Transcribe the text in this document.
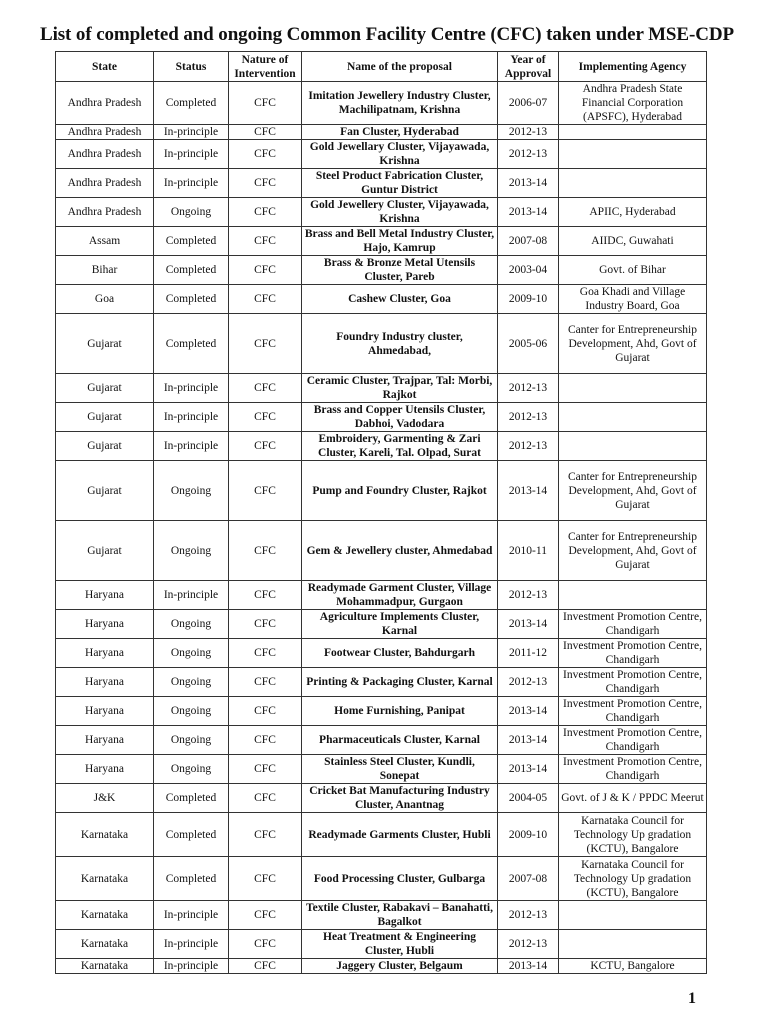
List of completed and ongoing Common Facility Centre (CFC) taken under MSE-CDP
State	Status	Nature of Intervention	Name of the proposal	Year of Approval	Implementing Agency
Andhra Pradesh	Completed	CFC	Imitation Jewellery Industry Cluster, Machilipatnam, Krishna	2006-07	Andhra Pradesh State Financial Corporation (APSFC), Hyderabad
Andhra Pradesh	In-principle	CFC	Fan Cluster, Hyderabad	2012-13	
Andhra Pradesh	In-principle	CFC	Gold Jewellary Cluster, Vijayawada, Krishna	2012-13	
Andhra Pradesh	In-principle	CFC	Steel Product Fabrication Cluster, Guntur District	2013-14	
Andhra Pradesh	Ongoing	CFC	Gold Jewellery Cluster, Vijayawada, Krishna	2013-14	APIIC, Hyderabad
Assam	Completed	CFC	Brass and Bell Metal Industry Cluster, Hajo, Kamrup	2007-08	AIIDC, Guwahati
Bihar	Completed	CFC	Brass & Bronze Metal Utensils Cluster, Pareb	2003-04	Govt. of Bihar
Goa	Completed	CFC	Cashew Cluster, Goa	2009-10	Goa Khadi and Village Industry Board, Goa
Gujarat	Completed	CFC	Foundry Industry cluster, Ahmedabad,	2005-06	Canter for Entrepreneurship Development, Ahd, Govt of Gujarat
Gujarat	In-principle	CFC	Ceramic Cluster, Trajpar, Tal: Morbi, Rajkot	2012-13	
Gujarat	In-principle	CFC	Brass and Copper Utensils Cluster, Dabhoi, Vadodara	2012-13	
Gujarat	In-principle	CFC	Embroidery, Garmenting & Zari Cluster, Kareli, Tal. Olpad, Surat	2012-13	
Gujarat	Ongoing	CFC	Pump and Foundry Cluster, Rajkot	2013-14	Canter for Entrepreneurship Development, Ahd, Govt of Gujarat
Gujarat	Ongoing	CFC	Gem & Jewellery cluster, Ahmedabad	2010-11	Canter for Entrepreneurship Development, Ahd, Govt of Gujarat
Haryana	In-principle	CFC	Readymade Garment Cluster, Village Mohammadpur, Gurgaon	2012-13	
Haryana	Ongoing	CFC	Agriculture Implements Cluster, Karnal	2013-14	Investment Promotion Centre, Chandigarh
Haryana	Ongoing	CFC	Footwear Cluster, Bahdurgarh	2011-12	Investment Promotion Centre, Chandigarh
Haryana	Ongoing	CFC	Printing & Packaging Cluster, Karnal	2012-13	Investment Promotion Centre, Chandigarh
Haryana	Ongoing	CFC	Home Furnishing, Panipat	2013-14	Investment Promotion Centre, Chandigarh
Haryana	Ongoing	CFC	Pharmaceuticals Cluster, Karnal	2013-14	Investment Promotion Centre, Chandigarh
Haryana	Ongoing	CFC	Stainless Steel Cluster, Kundli, Sonepat	2013-14	Investment Promotion Centre, Chandigarh
J&K	Completed	CFC	Cricket Bat Manufacturing Industry Cluster, Anantnag	2004-05	Govt. of J & K / PPDC Meerut
Karnataka	Completed	CFC	Readymade Garments Cluster, Hubli	2009-10	Karnataka Council for Technology Up gradation (KCTU), Bangalore
Karnataka	Completed	CFC	Food Processing Cluster, Gulbarga	2007-08	Karnataka Council for Technology Up gradation (KCTU), Bangalore
Karnataka	In-principle	CFC	Textile Cluster, Rabakavi – Banahatti, Bagalkot	2012-13	
Karnataka	In-principle	CFC	Heat Treatment & Engineering Cluster, Hubli	2012-13	
Karnataka	In-principle	CFC	Jaggery Cluster, Belgaum	2013-14	KCTU, Bangalore
1
